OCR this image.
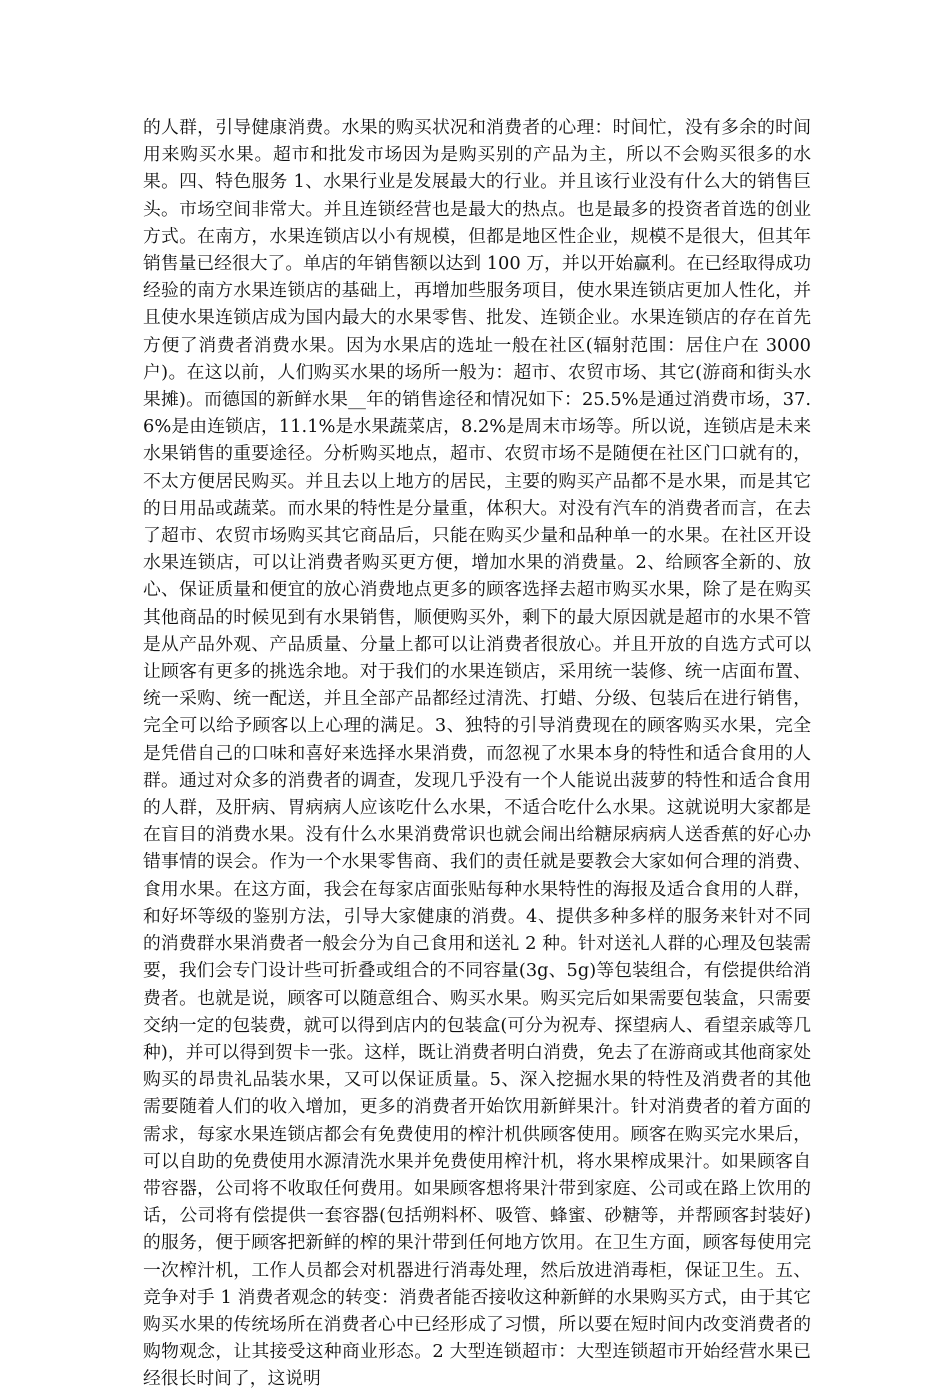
的人群，引导健康消费。水果的购买状况和消费者的心理：时间忙，没有多余的时间用来购买水果。超市和批发市场因为是购买别的产品为主，所以不会购买很多的水果。四、特色服务 1、水果行业是发展最大的行业。并且该行业没有什么大的销售巨头。市场空间非常大。并且连锁经营也是最大的热点。也是最多的投资者首选的创业方式。在南方，水果连锁店以小有规模，但都是地区性企业，规模不是很大，但其年销售量已经很大了。单店的年销售额以达到 100 万，并以开始赢利。在已经取得成功经验的南方水果连锁店的基础上，再增加些服务项目，使水果连锁店更加人性化，并且使水果连锁店成为国内最大的水果零售、批发、连锁企业。水果连锁店的存在首先方便了消费者消费水果。因为水果店的选址一般在社区(辐射范围：居住户在 3000 户)。在这以前，人们购买水果的场所一般为：超市、农贸市场、其它(游商和街头水果摊)。而德国的新鲜水果__年的销售途径和情况如下：25.5%是通过消费市场，37.6%是由连锁店，11.1%是水果蔬菜店，8.2%是周末市场等。所以说，连锁店是未来水果销售的重要途径。分析购买地点，超市、农贸市场不是随便在社区门口就有的，不太方便居民购买。并且去以上地方的居民，主要的购买产品都不是水果，而是其它的日用品或蔬菜。而水果的特性是分量重，体积大。对没有汽车的消费者而言，在去了超市、农贸市场购买其它商品后，只能在购买少量和品种单一的水果。在社区开设水果连锁店，可以让消费者购买更方便，增加水果的消费量。2、给顾客全新的、放心、保证质量和便宜的放心消费地点更多的顾客选择去超市购买水果，除了是在购买其他商品的时候见到有水果销售，顺便购买外，剩下的最大原因就是超市的水果不管是从产品外观、产品质量、分量上都可以让消费者很放心。并且开放的自选方式可以让顾客有更多的挑选余地。对于我们的水果连锁店，采用统一装修、统一店面布置、统一采购、统一配送，并且全部产品都经过清洗、打蜡、分级、包装后在进行销售，完全可以给予顾客以上心理的满足。3、独特的引导消费现在的顾客购买水果，完全是凭借自己的口味和喜好来选择水果消费，而忽视了水果本身的特性和适合食用的人群。通过对众多的消费者的调查，发现几乎没有一个人能说出菠萝的特性和适合食用的人群，及肝病、胃病病人应该吃什么水果，不适合吃什么水果。这就说明大家都是在盲目的消费水果。没有什么水果消费常识也就会闹出给糖尿病病人送香蕉的好心办错事情的误会。作为一个水果零售商、我们的责任就是要教会大家如何合理的消费、食用水果。在这方面，我会在每家店面张贴每种水果特性的海报及适合食用的人群，和好坏等级的鉴别方法，引导大家健康的消费。4、提供多种多样的服务来针对不同的消费群水果消费者一般会分为自己食用和送礼 2 种。针对送礼人群的心理及包装需要，我们会专门设计些可折叠或组合的不同容量(3g、5g)等包装组合，有偿提供给消费者。也就是说，顾客可以随意组合、购买水果。购买完后如果需要包装盒，只需要交纳一定的包装费，就可以得到店内的包装盒(可分为祝寿、探望病人、看望亲戚等几种)，并可以得到贺卡一张。这样，既让消费者明白消费，免去了在游商或其他商家处购买的昂贵礼品装水果，又可以保证质量。5、深入挖掘水果的特性及消费者的其他需要随着人们的收入增加，更多的消费者开始饮用新鲜果汁。针对消费者的着方面的需求，每家水果连锁店都会有免费使用的榨汁机供顾客使用。顾客在购买完水果后，可以自助的免费使用水源清洗水果并免费使用榨汁机，将水果榨成果汁。如果顾客自带容器，公司将不收取任何费用。如果顾客想将果汁带到家庭、公司或在路上饮用的话，公司将有偿提供一套容器(包括朔料杯、吸管、蜂蜜、砂糖等，并帮顾客封装好)的服务，便于顾客把新鲜的榨的果汁带到任何地方饮用。在卫生方面，顾客每使用完一次榨汁机，工作人员都会对机器进行消毒处理，然后放进消毒柜，保证卫生。五、竞争对手 1 消费者观念的转变：消费者能否接收这种新鲜的水果购买方式，由于其它购买水果的传统场所在消费者心中已经形成了习惯，所以要在短时间内改变消费者的购物观念，让其接受这种商业形态。2 大型连锁超市：大型连锁超市开始经营水果已经很长时间了，这说明
